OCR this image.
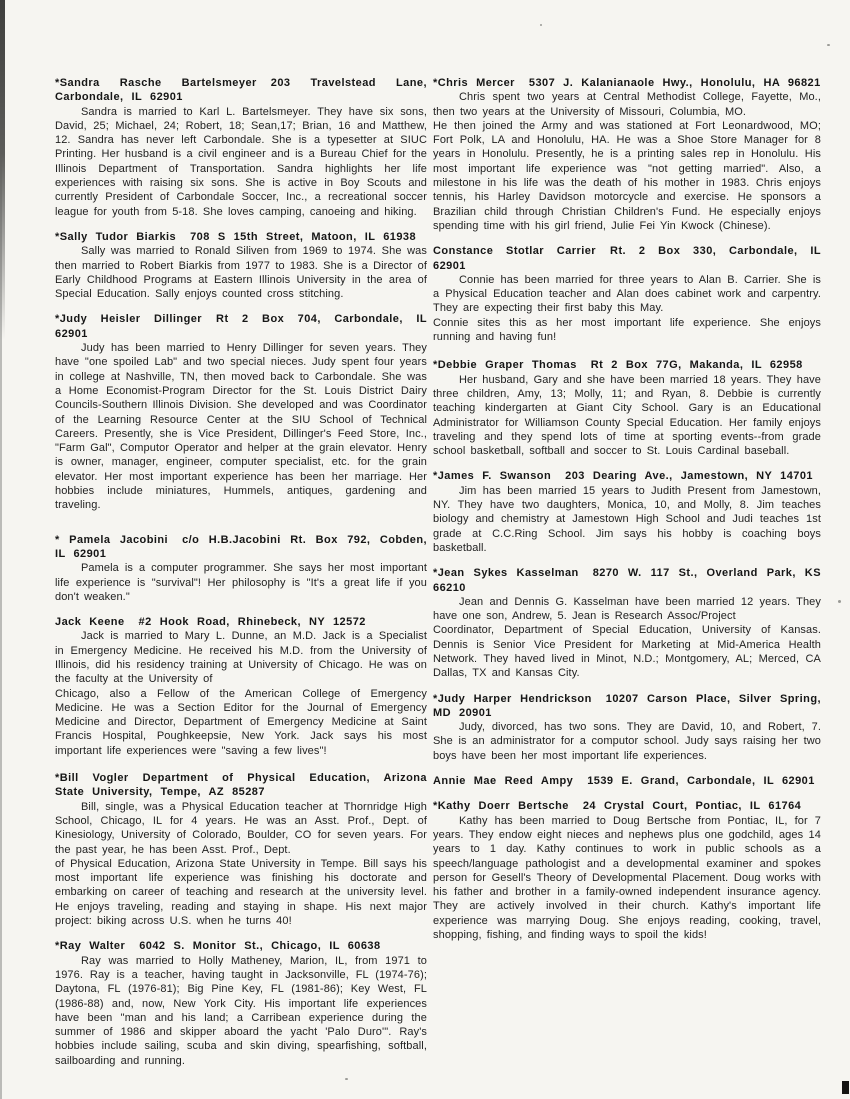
*Sandra Rasche Bartelsmeyer 203 Travelstead Lane, Carbondale, IL 62901

Sandra is married to Karl L. Bartelsmeyer. They have six sons, David, 25; Michael, 24; Robert, 18; Sean,17; Brian, 16 and Matthew, 12. Sandra has never left Carbondale. She is a typesetter at SIUC Printing. Her husband is a civil engineer and is a Bureau Chief for the Illinois Department of Transportation. Sandra highlights her life experiences with raising six sons. She is active in Boy Scouts and currently President of Carbondale Soccer, Inc., a recreational soccer league for youth from 5-18. She loves camping, canoeing and hiking.

*Sally Tudor Biarkis 708 S 15th Street, Matoon, IL 61938

Sally was married to Ronald Siliven from 1969 to 1974. She was then married to Robert Biarkis from 1977 to 1983. She is a Director of Early Childhood Programs at Eastern Illinois University in the area of Special Education. Sally enjoys counted cross stitching.

*Judy Heisler Dillinger Rt 2 Box 704, Carbondale, IL 62901

Judy has been married to Henry Dillinger for seven years. They have "one spoiled Lab" and two special nieces. Judy spent four years in college at Nashville, TN, then moved back to Carbondale. She was a Home Economist-Program Director for the St. Louis District Dairy Councils-Southern Illinois Division. She developed and was Coordinator of the Learning Resource Center at the SIU School of Technical Careers. Presently, she is Vice President, Dillinger's Feed Store, Inc., "Farm Gal", Computor Operator and helper at the grain elevator. Henry is owner, manager, engineer, computer specialist, etc. for the grain elevator. Her most important experience has been her marriage. Her hobbies include miniatures, Hummels, antiques, gardening and traveling.

* Pamela Jacobini c/o H.B.Jacobini Rt. Box 792, Cobden, IL 62901

Pamela is a computer programmer. She says her most important life experience is "survival"! Her philosophy is "It's a great life if you don't weaken."

Jack Keene #2 Hook Road, Rhinebeck, NY 12572

Jack is married to Mary L. Dunne, an M.D. Jack is a Specialist in Emergency Medicine. He received his M.D. from the University of Illinois, did his residency training at University of Chicago. He was on the faculty at the University of

Chicago, also a Fellow of the American College of Emergency Medicine. He was a Section Editor for the Journal of Emergency Medicine and Director, Department of Emergency Medicine at Saint Francis Hospital, Poughkeepsie, New York. Jack says his most important life experiences were "saving a few lives"!

*Bill Vogler Department of Physical Education, Arizona State University, Tempe, AZ 85287

Bill, single, was a Physical Education teacher at Thornridge High School, Chicago, IL for 4 years. He was an Asst. Prof., Dept. of Kinesiology, University of Colorado, Boulder, CO for seven years. For the past year, he has been Asst. Prof., Dept.

of Physical Education, Arizona State University in Tempe. Bill says his most important life experience was finishing his doctorate and embarking on career of teaching and research at the university level. He enjoys traveling, reading and staying in shape. His next major project: biking across U.S. when he turns 40!

*Ray Walter 6042 S. Monitor St., Chicago, IL 60638

Ray was married to Holly Matheney, Marion, IL, from 1971 to 1976. Ray is a teacher, having taught in Jacksonville, FL (1974-76); Daytona, FL (1976-81); Big Pine Key, FL (1981-86); Key West, FL (1986-88) and, now, New York City. His important life experiences have been "man and his land; a Carribean experience during the summer of 1986 and skipper aboard the yacht 'Palo Duro'". Ray's hobbies include sailing, scuba and skin diving, spearfishing, softball, sailboarding and running.

*Chris Mercer 5307 J. Kalanianaole Hwy., Honolulu, HA 96821

Chris spent two years at Central Methodist College, Fayette, Mo., then two years at the University of Missouri, Columbia, MO.

He then joined the Army and was stationed at Fort Leonardwood, MO; Fort Polk, LA and Honolulu, HA. He was a Shoe Store Manager for 8 years in Honolulu. Presently, he is a printing sales rep in Honolulu. His most important life experience was "not getting married". Also, a milestone in his life was the death of his mother in 1983. Chris enjoys tennis, his Harley Davidson motorcycle and exercise. He sponsors a Brazilian child through Christian Children's Fund. He especially enjoys spending time with his girl friend, Julie Fei Yin Kwock (Chinese).

Constance Stotlar Carrier Rt. 2 Box 330, Carbondale, IL 62901

Connie has been married for three years to Alan B. Carrier. She is a Physical Education teacher and Alan does cabinet work and carpentry. They are expecting their first baby this May.

Connie sites this as her most important life experience. She enjoys running and having fun!

*Debbie Graper Thomas Rt 2 Box 77G, Makanda, IL 62958

Her husband, Gary and she have been married 18 years. They have three children, Amy, 13; Molly, 11; and Ryan, 8. Debbie is currently teaching kindergarten at Giant City School. Gary is an Educational Administrator for Williamson County Special Education. Her family enjoys traveling and they spend lots of time at sporting events--from grade school basketball, softball and soccer to St. Louis Cardinal baseball.

*James F. Swanson 203 Dearing Ave., Jamestown, NY 14701

Jim has been married 15 years to Judith Present from Jamestown, NY. They have two daughters, Monica, 10, and Molly, 8. Jim teaches biology and chemistry at Jamestown High School and Judi teaches 1st grade at C.C.Ring School. Jim says his hobby is coaching boys basketball.

*Jean Sykes Kasselman 8270 W. 117 St., Overland Park, KS 66210

Jean and Dennis G. Kasselman have been married 12 years. They have one son, Andrew, 5. Jean is Research Assoc/Project

Coordinator, Department of Special Education, University of Kansas. Dennis is Senior Vice President for Marketing at Mid-America Health Network. They haved lived in Minot, N.D.; Montgomery, AL; Merced, CA Dallas, TX and Kansas City.

*Judy Harper Hendrickson 10207 Carson Place, Silver Spring, MD 20901

Judy, divorced, has two sons. They are David, 10, and Robert, 7. She is an administrator for a computor school. Judy says raising her two boys have been her most important life experiences.

Annie Mae Reed Ampy 1539 E. Grand, Carbondale, IL 62901
*Kathy Doerr Bertsche 24 Crystal Court, Pontiac, IL 61764

Kathy has been married to Doug Bertsche from Pontiac, IL, for 7 years. They endow eight nieces and nephews plus one godchild, ages 14 years to 1 day. Kathy continues to work in public schools as a speech/language pathologist and a developmental examiner and spokes person for Gesell's Theory of Developmental Placement. Doug works with his father and brother in a family-owned independent insurance agency. They are actively involved in their church. Kathy's important life experience was marrying Doug. She enjoys reading, cooking, travel, shopping, fishing, and finding ways to spoil the kids!
